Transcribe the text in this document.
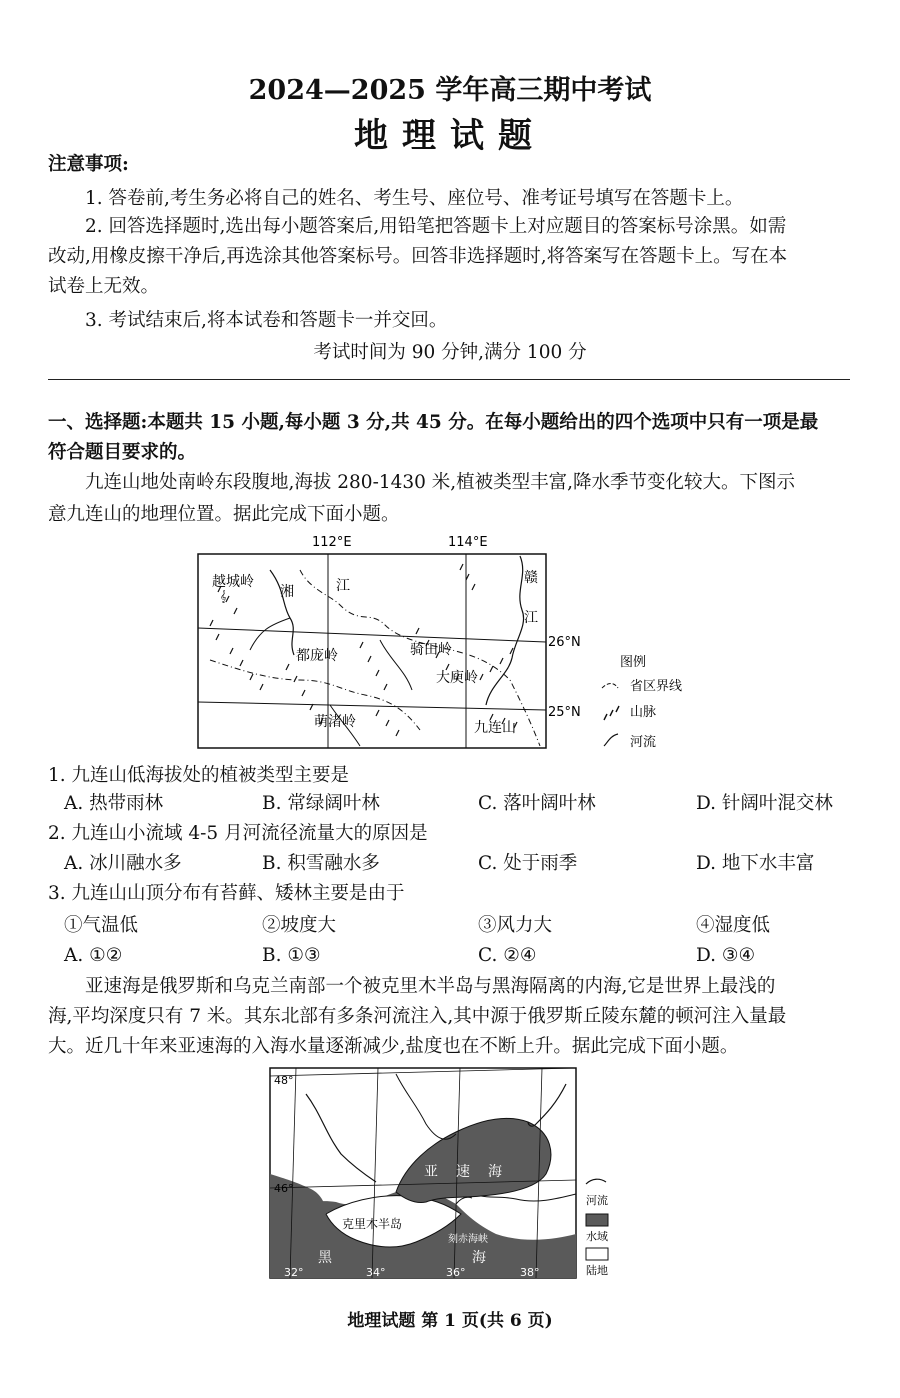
2024—2025 学年高三期中考试
地理试题
注意事项:
1. 答卷前,考生务必将自己的姓名、考生号、座位号、准考证号填写在答题卡上。
2. 回答选择题时,选出每小题答案后,用铅笔把答题卡上对应题目的答案标号涂黑。如需
改动,用橡皮擦干净后,再选涂其他答案标号。回答非选择题时,将答案写在答题卡上。写在本
试卷上无效。
3. 考试结束后,将本试卷和答题卡一并交回。
考试时间为 90 分钟,满分 100 分
一、选择题:本题共 15 小题,每小题 3 分,共 45 分。在每小题给出的四个选项中只有一项是最
符合题目要求的。
九连山地处南岭东段腹地,海拔 280-1430 米,植被类型丰富,降水季节变化较大。下图示
意九连山的地理位置。据此完成下面小题。
112°E	114°E
26°N
25°N
𝄞
越城岭
湘	江	赣
江
骑田岭
都庞岭
大庾岭
萌渚岭	九连山
图例
省区界线
山脉
河流
1. 九连山低海拔处的植被类型主要是
A. 热带雨林	B. 常绿阔叶林	C. 落叶阔叶林	D. 针阔叶混交林
2. 九连山小流域 4-5 月河流径流量大的原因是
A. 冰川融水多	B. 积雪融水多	C. 处于雨季	D. 地下水丰富
3. 九连山山顶分布有苔藓、矮林主要是由于
①气温低	②坡度大	③风力大	④湿度低
A. ①②	B. ①③	C. ②④	D. ③④
亚速海是俄罗斯和乌克兰南部一个被克里木半岛与黑海隔离的内海,它是世界上最浅的
海,平均深度只有 7 米。其东北部有多条河流注入,其中源于俄罗斯丘陵东麓的顿河注入量最
大。近几十年来亚速海的入海水量逐渐减少,盐度也在不断上升。据此完成下面小题。
48°
46°
32°	34°	36°	38°
亚 速 海
克里木半岛
黑	海
刻赤海峡
河流
水域
陆地
地理试题 第 1 页(共 6 页)
